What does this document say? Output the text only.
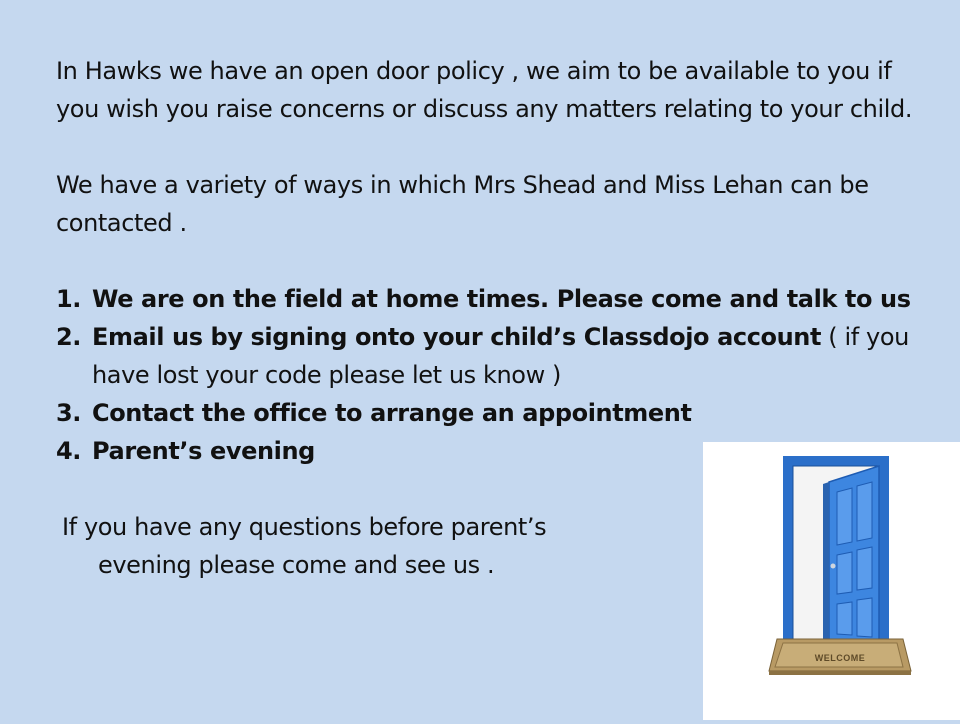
In Hawks we have an open door policy , we aim to be available to you if you wish you raise concerns or discuss any matters relating to your child.

We have a variety of ways in which Mrs Shead and Miss Lehan can be contacted .

1. We are on the field at home times. Please come and talk to us
2. Email us by signing onto your child’s Classdojo account ( if you have lost your code please let us know )
3. Contact the office to arrange an appointment
4. Parent’s evening

If you have any questions before parent’s
evening please come and see us .

WELCOME
